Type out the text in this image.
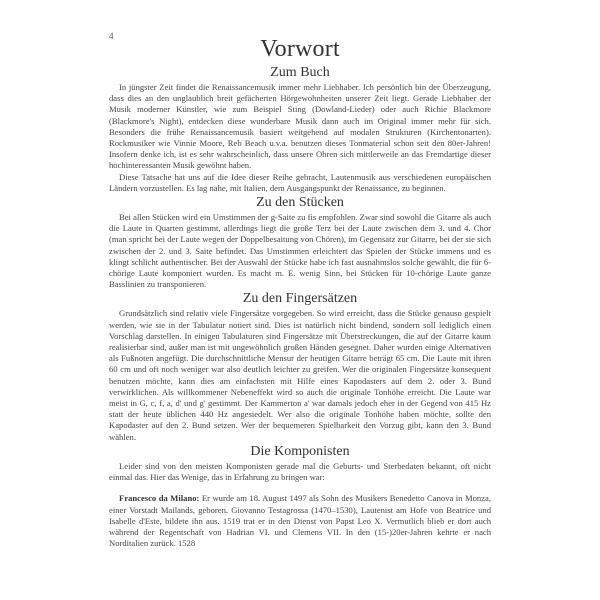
4	Vorwort
Zum Buch

In jüngster Zeit findet die Renaissancemusik immer mehr Liebhaber. Ich persönlich bin der Überzeugung, dass dies an den unglaublich breit gefächerten Hörgewohnheiten unserer Zeit liegt. Gerade Liebhaber der Musik moderner Künstler, wie zum Beispiel Sting (Dowland-Lieder) oder auch Richie Blackmore (Blackmore's Night), entdecken diese wunderbare Musik dann auch im Original immer mehr für sich. Besonders die frühe Renaissancemusik basiert weitgehend auf modalen Strukturen (Kirchentonarten). Rockmusiker wie Vinnie Moore, Reb Beach u.v.a. benutzen dieses Tonmaterial schon seit den 80er-Jahren! Insofern denke ich, ist es sehr wahrscheinlich, dass unsere Ohren sich mittlerweile an das Fremdartige dieser hochinteressanten Musik gewöhnt haben.

Diese Tatsache hat uns auf die Idee dieser Reihe gebracht, Lautenmusik aus verschiedenen europäischen Ländern vorzustellen. Es lag nahe, mit Italien, dem Ausgangspunkt der Renaissance, zu beginnen.

Zu den Stücken

Bei allen Stücken wird ein Umstimmen der g-Saite zu fis empfohlen. Zwar sind sowohl die Gitarre als auch die Laute in Quarten gestimmt, allerdings liegt die große Terz bei der Laute zwischen dem 3. und 4. Chor (man spricht bei der Laute wegen der Doppelbesaitung von Chören), im Gegensatz zur Gitarre, bei der sie sich zwischen der 2. und 3. Saite befindet. Das Umstimmen erleichtert das Spielen der Stücke immens und es klingt schlicht authentischer. Bei der Auswahl der Stücke habe ich fast ausnahmslos solche gewählt, die für 6-chörige Laute komponiert wurden. Es macht m. E. wenig Sinn, bei Stücken für 10-chörige Laute ganze Basslinien zu transponieren.

Zu den Fingersätzen

Grundsätzlich sind relativ viele Fingersätze vorgegeben. So wird erreicht, dass die Stücke genauso gespielt werden, wie sie in der Tabulatur notiert sind. Dies ist natürlich nicht bindend, sondern soll lediglich einen Vorschlag darstellen. In einigen Tabulaturen sind Fingersätze mit Überstreckungen, die auf der Gitarre kaum realisierbar sind, außer man ist mit ungewöhnlich großen Händen gesegnet. Daher wurden einige Alternativen als Fußnoten angefügt. Die durchschnittliche Mensur der heutigen Gitarre beträgt 65 cm. Die Laute mit ihren 60 cm und oft noch weniger war also deutlich leichter zu greifen. Wer die originalen Fingersätze konsequent benutzen möchte, kann dies am einfachsten mit Hilfe eines Kapodasters auf dem 2. oder 3. Bund verwirklichen. Als willkommener Nebeneffekt wird so auch die originale Tonhöhe erreicht. Die Laute war meist in G, c, f, a, d' und g' gestimmt. Der Kammerton a' war damals jedoch eher in der Gegend von 415 Hz statt der heute üblichen 440 Hz angesiedelt. Wer also die originale Tonhöhe haben möchte, sollte den Kapodaster auf den 2. Bund setzen. Wer der bequemeren Spielbarkeit den Vorzug gibt, kann den 3. Bund wählen.

Die Komponisten

Leider sind von den meisten Komponisten gerade mal die Geburts- und Sterbedaten bekannt, oft nicht einmal das. Hier das Wenige, das in Erfahrung zu bringen war:

Francesco da Milano: Er wurde am 18. August 1497 als Sohn des Musikers Benedetto Canova in Monza, einer Vorstadt Mailands, geboren. Giovanno Testagrossa (1470–1530), Lautenist am Hofe von Beatrice und Isabelle d'Este, bildete ihn aus. 1519 trat er in den Dienst von Papst Leo X. Vermutlich blieb er dort auch während der Regentschaft von Hadrian VI. und Clemens VII. In den (15-)20er-Jahren kehrte er nach Norditalien zurück. 1528
